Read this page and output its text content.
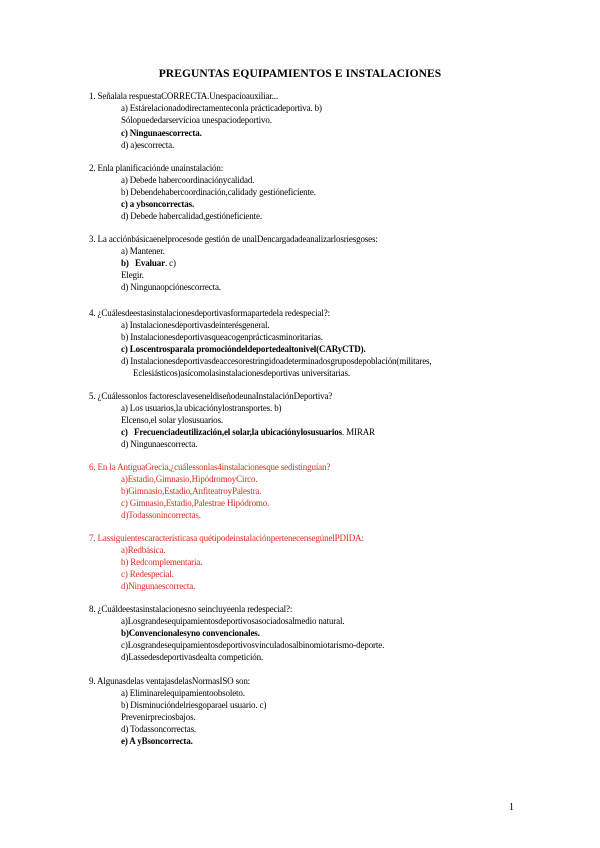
PREGUNTAS EQUIPAMIENTOS E INSTALACIONES
1. Señalala respuestaCORRECTA.Unespacioauxiliar...
a) Estárelacionadodirectamenteconla prácticadeportiva. b)
Sólopuededarservicioa unespaciodeportivo.
c) Ningunaescorrecta.
d) a)escorrecta.
2. Enla planificaciónde unainstalación:
a) Debede habercoordinaciónycalidad.
b) Debendehabercoordinación,calidady gestióneficiente.
c) a ybsoncorrectas.
d) Debede habercalidad,gestióneficiente.
3. La acciónbásicaenelprocesode gestión de unalDencargadadeanalizarlosriesgoses:
a) Mantener.
b)   Evaluar. c)
Elegir.
d) Ningunaopciónescorrecta.
4. ¿Cuálesdeestasinstalacionesdeportivasformapartedela redespecial?:
a) Instalacionesdeportivasdeinterésgeneral.
b) Instalacionesdeportivasqueacogenprácticasminoritarias.
c) Loscentrosparala promocióndeldeportedealtonivel(CARyCTD).
d) Instalacionesdeportivasdeaccesorestringidoadeterminadosgruposdepoblación(militares,
Eclesiásticos)asícomolasinstalacionesdeportivas universitarias.
5. ¿Cuálessonlos factoresclaveseneldiseñodeunaInstalaciónDeportiva?
a) Los usuarios,la ubicaciónylostransportes. b)
Elcenso,el solar ylosusuarios.
c)   Frecuenciadeutilización,el solar,la ubicaciónylosusuarios. MIRAR
d) Ningunaescorrecta.
6. En la AntiguaGrecia,¿cuálessonlas4instalacionesque sedistinguían?
a)Estadio,Gimnasio,HipódromoyCirco.
b)Gimnasio,Estadio,AnfiteatroyPalestra.
c) Gimnasio,Estadio,Palestrae Hipódromo.
d)Todassonincorrectas.
7. Lassiguientescaracterísticasa quétipodeinstalaciónpertenecensegúnelPDIDA:
a)Redbásica.
b) Redcomplementaria.
c) Redespecial.
d)Ningunaescorrecta.
8. ¿Cuáldeestasinstalacionesno seincluyeenla redespecial?:
a)Losgrandesequipamientosdeportivosasociadosalmedio natural.
b)Convencionalesyno convencionales.
c)Losgrandesequipamientosdeportivosvinculadosalbinomiotarismo-deporte.
d)Lassedesdeportivasdealta competición.
9. Algunasdelas ventajasdelasNormasISO son:
a) Eliminarelequipamientoobsoleto.
b) Disminucióndelriesgoparael usuario. c)
Prevenirpreciosbajos.
d) Todassoncorrectas.
e) A yBsoncorrecta.
1
